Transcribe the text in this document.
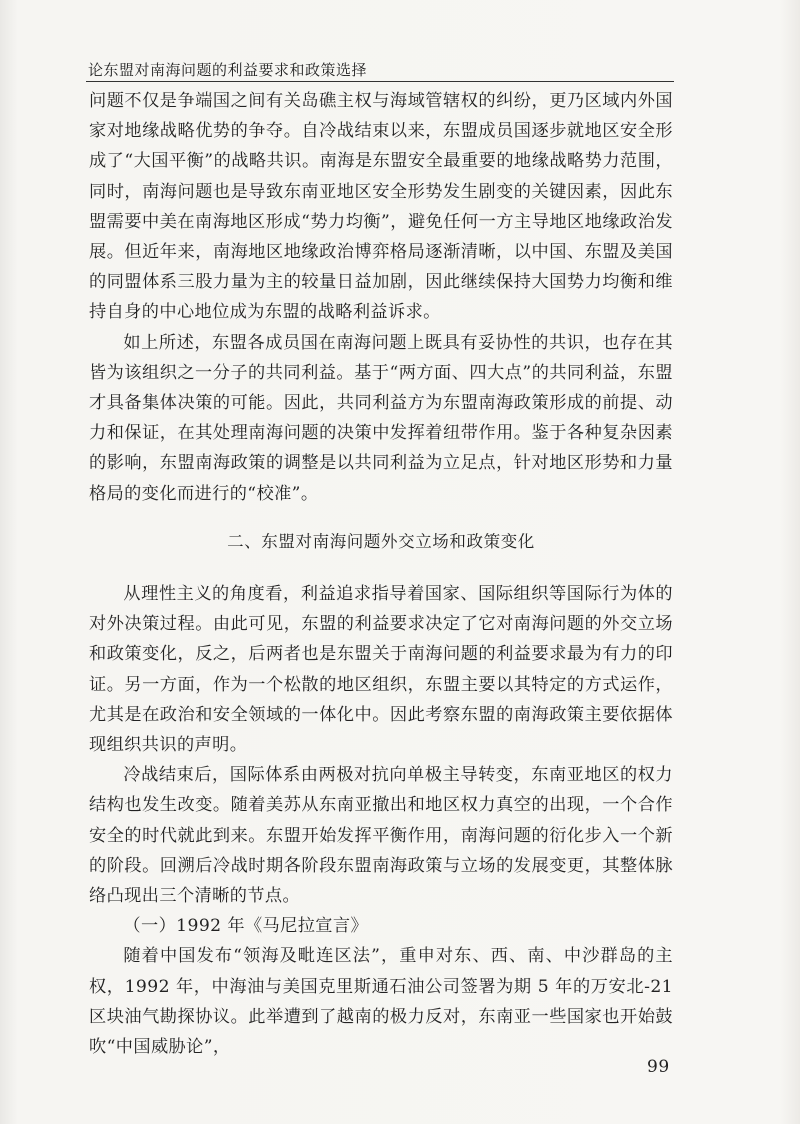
论东盟对南海问题的利益要求和政策选择

问题不仅是争端国之间有关岛礁主权与海域管辖权的纠纷，更乃区域内外国家对地缘战略优势的争夺。自冷战结束以来，东盟成员国逐步就地区安全形成了“大国平衡”的战略共识。南海是东盟安全最重要的地缘战略势力范围，同时，南海问题也是导致东南亚地区安全形势发生剧变的关键因素，因此东盟需要中美在南海地区形成“势力均衡”，避免任何一方主导地区地缘政治发展。但近年来，南海地区地缘政治博弈格局逐渐清晰，以中国、东盟及美国的同盟体系三股力量为主的较量日益加剧，因此继续保持大国势力均衡和维持自身的中心地位成为东盟的战略利益诉求。

如上所述，东盟各成员国在南海问题上既具有妥协性的共识，也存在其皆为该组织之一分子的共同利益。基于“两方面、四大点”的共同利益，东盟才具备集体决策的可能。因此，共同利益方为东盟南海政策形成的前提、动力和保证，在其处理南海问题的决策中发挥着纽带作用。鉴于各种复杂因素的影响，东盟南海政策的调整是以共同利益为立足点，针对地区形势和力量格局的变化而进行的“校准”。

二、东盟对南海问题外交立场和政策变化

从理性主义的角度看，利益追求指导着国家、国际组织等国际行为体的对外决策过程。由此可见，东盟的利益要求决定了它对南海问题的外交立场和政策变化，反之，后两者也是东盟关于南海问题的利益要求最为有力的印证。另一方面，作为一个松散的地区组织，东盟主要以其特定的方式运作，尤其是在政治和安全领域的一体化中。因此考察东盟的南海政策主要依据体现组织共识的声明。

冷战结束后，国际体系由两极对抗向单极主导转变，东南亚地区的权力结构也发生改变。随着美苏从东南亚撤出和地区权力真空的出现，一个合作安全的时代就此到来。东盟开始发挥平衡作用，南海问题的衍化步入一个新的阶段。回溯后冷战时期各阶段东盟南海政策与立场的发展变更，其整体脉络凸现出三个清晰的节点。

（一）1992 年《马尼拉宣言》

随着中国发布“领海及毗连区法”，重申对东、西、南、中沙群岛的主权，1992 年，中海油与美国克里斯通石油公司签署为期 5 年的万安北-21 区块油气勘探协议。此举遭到了越南的极力反对，东南亚一些国家也开始鼓吹“中国威胁论”，

99
